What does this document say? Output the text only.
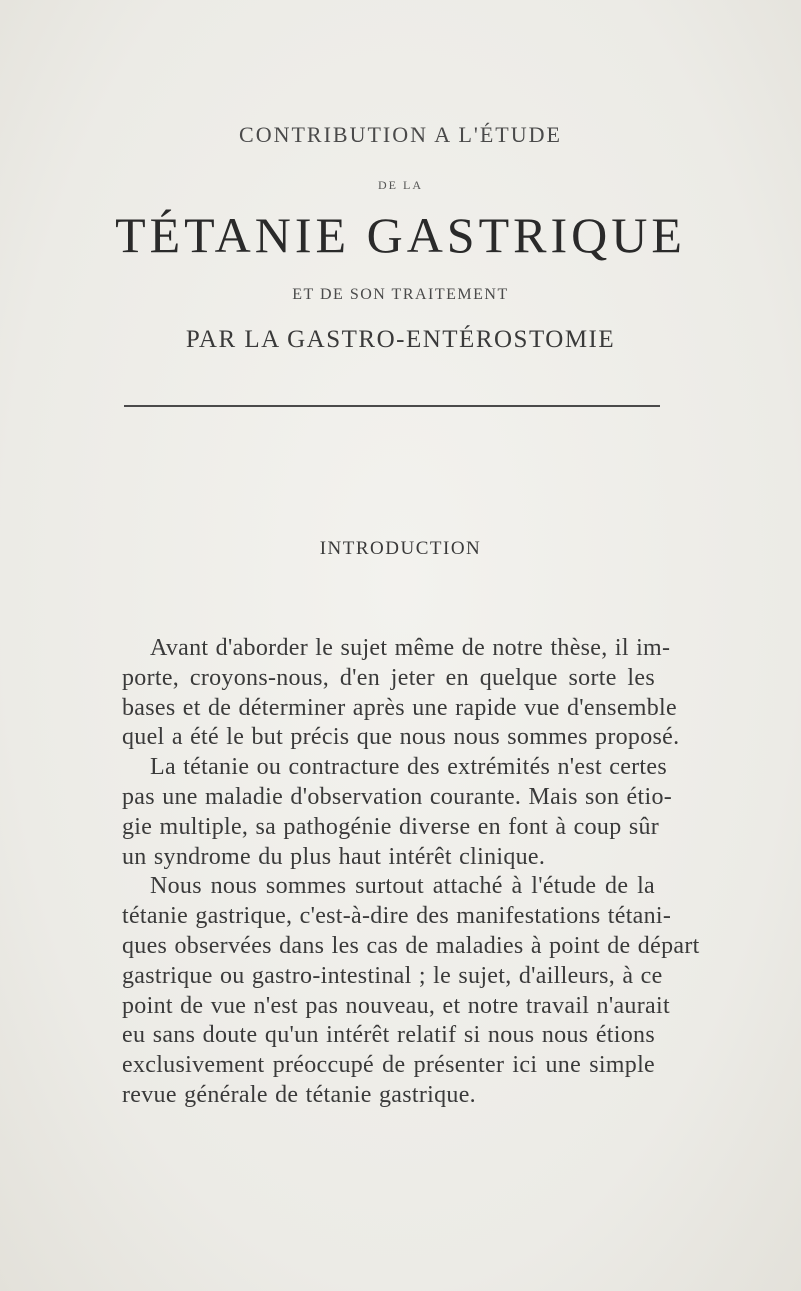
CONTRIBUTION A L'ÉTUDE
DE LA
TÉTANIE GASTRIQUE
ET DE SON TRAITEMENT
PAR LA GASTRO-ENTÉROSTOMIE
INTRODUCTION
Avant d'aborder le sujet même de notre thèse, il im-
porte, croyons-nous, d'en jeter en quelque sorte les
bases et de déterminer après une rapide vue d'ensemble
quel a été le but précis que nous nous sommes proposé.
La tétanie ou contracture des extrémités n'est certes
pas une maladie d'observation courante. Mais son étio-
gie multiple, sa pathogénie diverse en font à coup sûr
un syndrome du plus haut intérêt clinique.
Nous nous sommes surtout attaché à l'étude de la
tétanie gastrique, c'est-à-dire des manifestations tétani-
ques observées dans les cas de maladies à point de départ
gastrique ou gastro-intestinal ; le sujet, d'ailleurs, à ce
point de vue n'est pas nouveau, et notre travail n'aurait
eu sans doute qu'un intérêt relatif si nous nous étions
exclusivement préoccupé de présenter ici une simple
revue générale de tétanie gastrique.
